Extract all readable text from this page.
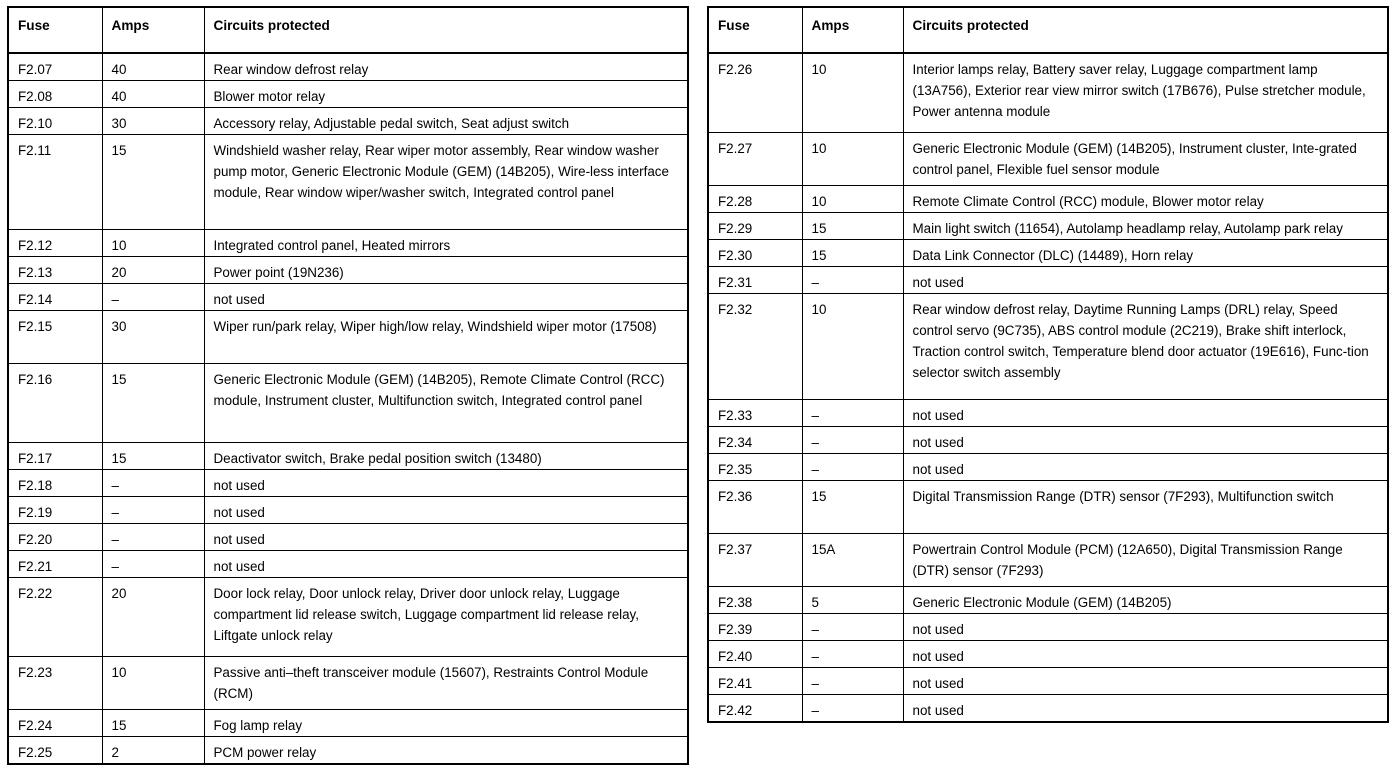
Fuse	Amps	Circuits protected
F2.07	40	Rear window defrost relay
F2.08	40	Blower motor relay
F2.10	30	Accessory relay, Adjustable pedal switch, Seat adjust switch
F2.11	15	Windshield washer relay, Rear wiper motor assembly, Rear window washer pump motor, Generic Electronic Module (GEM) (14B205), Wire-less interface module, Rear window wiper/washer switch, Integrated control panel
F2.12	10	Integrated control panel, Heated mirrors
F2.13	20	Power point (19N236)
F2.14	–	not used
F2.15	30	Wiper run/park relay, Wiper high/low relay, Windshield wiper motor (17508)
F2.16	15	Generic Electronic Module (GEM) (14B205), Remote Climate Control (RCC) module, Instrument cluster, Multifunction switch, Integrated control panel
F2.17	15	Deactivator switch, Brake pedal position switch (13480)
F2.18	–	not used
F2.19	–	not used
F2.20	–	not used
F2.21	–	not used
F2.22	20	Door lock relay, Door unlock relay, Driver door unlock relay, Luggage compartment lid release switch, Luggage compartment lid release relay, Liftgate unlock relay
F2.23	10	Passive anti–theft transceiver module (15607), Restraints Control Module (RCM)
F2.24	15	Fog lamp relay
F2.25	2	PCM power relay
Fuse	Amps	Circuits protected
F2.26	10	Interior lamps relay, Battery saver relay, Luggage compartment lamp (13A756), Exterior rear view mirror switch (17B676), Pulse stretcher module, Power antenna module
F2.27	10	Generic Electronic Module (GEM) (14B205), Instrument cluster, Inte-grated control panel, Flexible fuel sensor module
F2.28	10	Remote Climate Control (RCC) module, Blower motor relay
F2.29	15	Main light switch (11654), Autolamp headlamp relay, Autolamp park relay
F2.30	15	Data Link Connector (DLC) (14489), Horn relay
F2.31	–	not used
F2.32	10	Rear window defrost relay, Daytime Running Lamps (DRL) relay, Speed control servo (9C735), ABS control module (2C219), Brake shift interlock, Traction control switch, Temperature blend door actuator (19E616), Func-tion selector switch assembly
F2.33	–	not used
F2.34	–	not used
F2.35	–	not used
F2.36	15	Digital Transmission Range (DTR) sensor (7F293), Multifunction switch
F2.37	15A	Powertrain Control Module (PCM) (12A650), Digital Transmission Range (DTR) sensor (7F293)
F2.38	5	Generic Electronic Module (GEM) (14B205)
F2.39	–	not used
F2.40	–	not used
F2.41	–	not used
F2.42	–	not used
